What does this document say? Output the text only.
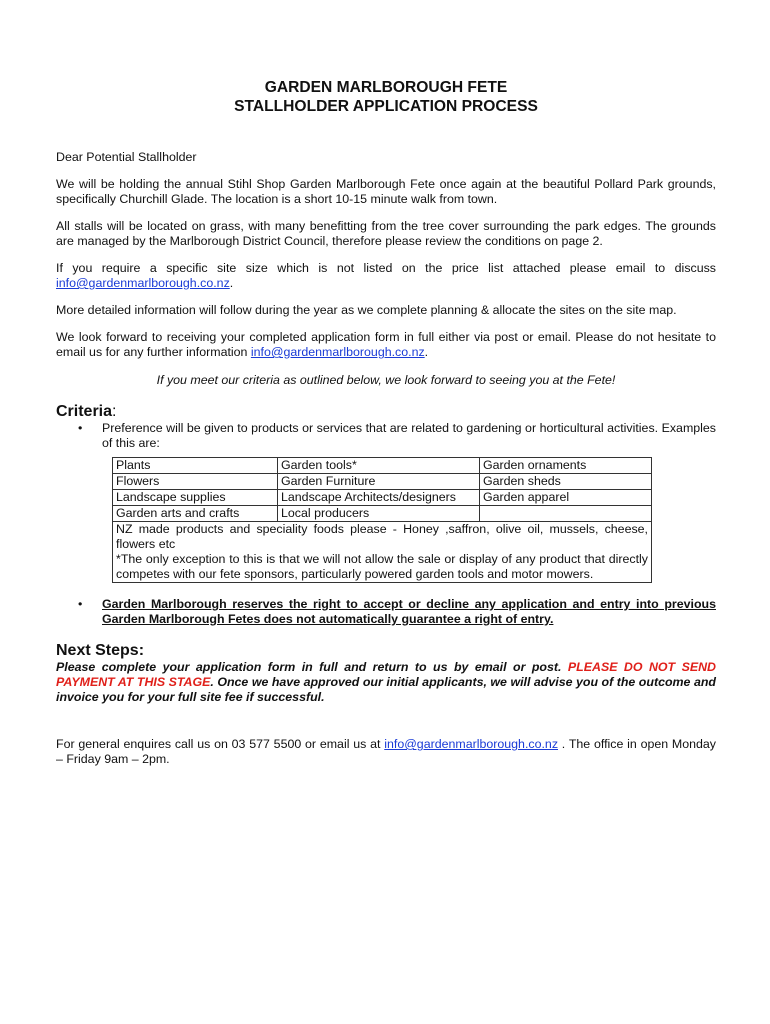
GARDEN MARLBOROUGH FETE
STALLHOLDER APPLICATION PROCESS

Dear Potential Stallholder

We will be holding the annual Stihl Shop Garden Marlborough Fete once again at the beautiful Pollard Park grounds, specifically Churchill Glade. The location is a short 10-15 minute walk from town.

All stalls will be located on grass, with many benefitting from the tree cover surrounding the park edges. The grounds are managed by the Marlborough District Council, therefore please review the conditions on page 2.

If you require a specific site size which is not listed on the price list attached please email to discuss info@gardenmarlborough.co.nz.

More detailed information will follow during the year as we complete planning & allocate the sites on the site map.

We look forward to receiving your completed application form in full either via post or email. Please do not hesitate to email us for any further information info@gardenmarlborough.co.nz.

If you meet our criteria as outlined below, we look forward to seeing you at the Fete!

Criteria:
• Preference will be given to products or services that are related to gardening or horticultural activities. Examples of this are:

Plants	Garden tools*	Garden ornaments
Flowers	Garden Furniture	Garden sheds
Landscape supplies	Landscape Architects/designers	Garden apparel
Garden arts and crafts	Local producers	

NZ made products and speciality foods please - Honey ,saffron, olive oil, mussels, cheese, flowers etc
*The only exception to this is that we will not allow the sale or display of any product that directly competes with our fete sponsors, particularly powered garden tools and motor mowers.		
• Garden Marlborough reserves the right to accept or decline any application and entry into previous Garden Marlborough Fetes does not automatically guarantee a right of entry.

Next Steps:

Please complete your application form in full and return to us by email or post. PLEASE DO NOT SEND PAYMENT AT THIS STAGE. Once we have approved our initial applicants, we will advise you of the outcome and invoice you for your full site fee if successful.

For general enquires call us on 03 577 5500 or email us at info@gardenmarlborough.co.nz . The office in open Monday – Friday 9am – 2pm.
